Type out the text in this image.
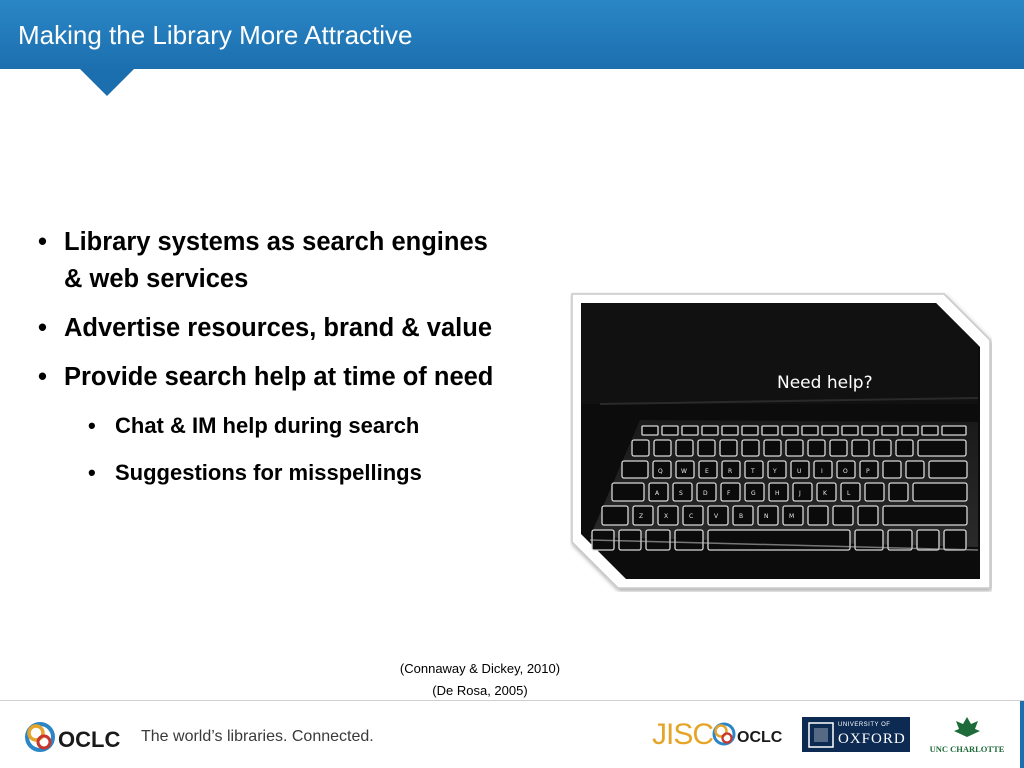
Making the Library More Attractive
• Library systems as search engines & web services
• Advertise resources, brand & value
• Provide search help at time of need
• Chat & IM help during search
• Suggestions for misspellings	Q	W	E	R	T	Y	U	I	O	P
A	S	D	F	G	H	J	K	L
Z	X	C	V	B	N	M
Need help?
(Connaway & Dickey, 2010)
(De Rosa, 2005)
OCLC The world’s libraries. Connected.	JISC OCLC
UNIVERSITY OF
OXFORD
UNC CHARLOTTE
